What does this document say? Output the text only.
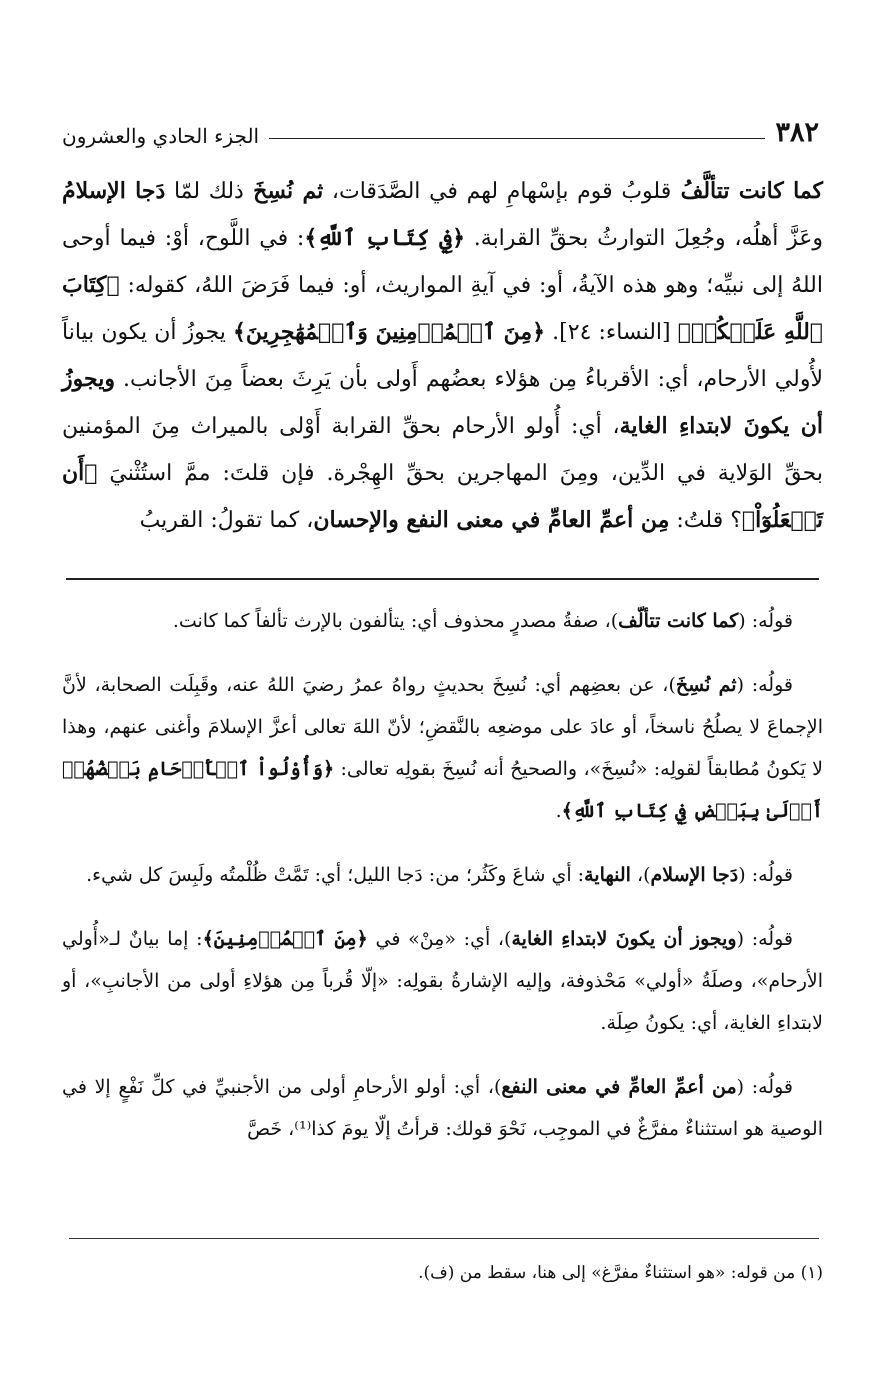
٣٨٢
الجزء الحادي والعشرون
كما كانت تتألَّفُ قلوبُ قوم بإسْهامِ لهم في الصَّدَقات، ثم نُسِخَ ذلك لمّا دَجا الإسلامُ وعَزَّ أهلُه، وجُعِلَ التوارثُ بحقِّ القرابة. ﴿فِي كِتَابِ ٱللَّهِ﴾: في اللَّوح، أوْ: فيما أوحى اللهُ إلى نبيِّه؛ وهو هذه الآيةُ، أو: في آيةِ المواريث، أو: فيما فَرَضَ اللهُ، كقوله: ﴿كِتَابَ ٱللَّهِ عَلَيۡكُمۡ﴾ [النساء: ٢٤]. ﴿مِنَ ٱلۡمُؤۡمِنِينَ وَٱلۡمُهَٰجِرِينَ﴾ يجوزُ أن يكون بياناً لأُولي الأرحام، أي: الأقرباءُ مِن هؤلاء بعضُهم أَولى بأن يَرِثَ بعضاً مِنَ الأجانب. ويجوزُ أن يكونَ لابتداءِ الغاية، أي: أُولو الأرحام بحقِّ القرابة أَوْلى بالميراث مِنَ المؤمنين بحقِّ الوَلاية في الدِّين، ومِنَ المهاجرين بحقِّ الهِجْرة. فإن قلتَ: ممَّ استُثْنيَ ﴿أَن تَفۡعَلُوٓاْ﴾؟ قلتُ: مِن أعمِّ العامِّ في معنى النفع والإحسان، كما تقولُ: القريبُ

قولُه: (كما كانت تتألّف)، صفةُ مصدرٍ محذوف أي: يتألفون بالإرث تألفاً كما كانت.

قولُه: (ثم نُسِخَ)، عن بعضِهم أي: نُسِخَ بحديثٍ رواهُ عمرُ رضيَ اللهُ عنه، وقَبِلَت الصحابة، لأنَّ الإجماعَ لا يصلُحُ ناسخاً، أو عادَ على موضعِه بالنَّقضِ؛ لأنّ اللهَ تعالى أعزَّ الإسلامَ وأغنى عنهم، وهذا لا يَكونُ مُطابقاً لقولِه: «نُسِخَ»، والصحيحُ أنه نُسِخَ بقولِه تعالى: ﴿وَأُوْلُواْ ٱلۡأَرۡحَامِ بَعۡضُهُمۡ أَوۡلَىٰ بِبَعۡضٖ فِي كِتَابِ ٱللَّهِ﴾.

قولُه: (دَجا الإسلام)، النهاية: أي شاعَ وكَثُر؛ من: دَجا الليل؛ أي: تَمَّتْ ظُلْمتُه ولَبِسَ كل شيء.

قولُه: (ويجوز أن يكونَ لابتداءِ الغاية)، أي: «مِنْ» في ﴿مِنَ ٱلۡمُؤۡمِنِينَ﴾: إما بيانٌ لـ«أُولي الأرحام»، وصلَةُ «أولي» مَحْذوفة، وإليه الإشارةُ بقولِه: «إلّا قُرباً مِن هؤلاءِ أولى من الأجانبِ»، أو لابتداءِ الغاية، أي: يكونُ صِلَة.

قولُه: (من أعمِّ العامِّ في معنى النفع)، أي: أولو الأرحامِ أولى من الأجنبيِّ في كلِّ نَفْعٍ إلا في الوصية هو استثناءٌ مفرَّغٌ في الموجِب، نَحْوَ قولك: قرأتُ إلّا يومَ كذا⁽¹⁾، خَصَّ

(١) من قوله: «هو استثناءٌ مفرَّغ» إلى هنا، سقط من (ف).
